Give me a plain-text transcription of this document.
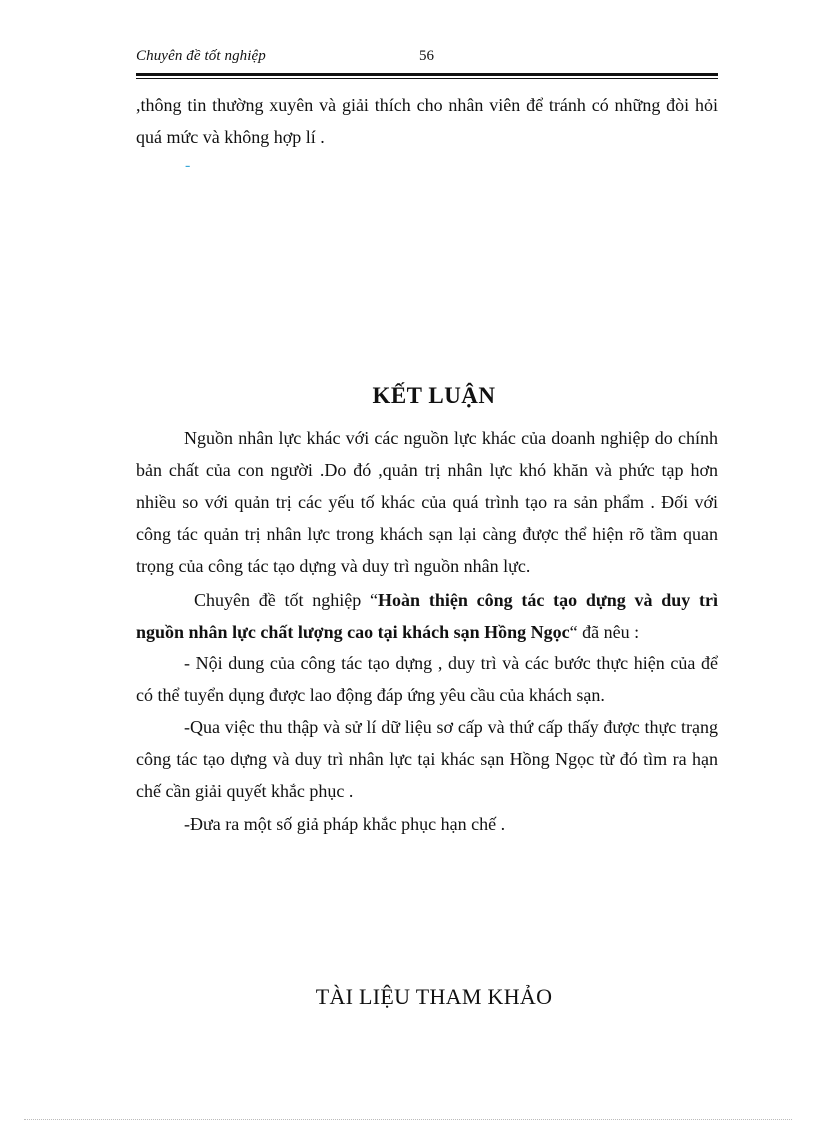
Chuyên đề tốt nghiệp	56

,thông tin thường xuyên và giải thích cho nhân viên để tránh có những đòi hỏi quá mức và không hợp lí .

-
KẾT LUẬN

Nguồn nhân lực khác với các nguồn lực khác của doanh nghiệp do chính bản chất của con người .Do đó ,quản trị nhân lực khó khăn và phức tạp hơn nhiều so với quản trị các yếu tố khác của quá trình tạo ra sản phẩm . Đối với công tác quản trị nhân lực trong khách sạn lại càng được thể hiện rõ tầm quan trọng của công tác tạo dựng và duy trì nguồn nhân lực.

Chuyên đề tốt nghiệp “Hoàn thiện công tác tạo dựng và duy trì nguồn nhân lực chất lượng cao tại khách sạn Hồng Ngọc“ đã nêu :

- Nội dung của công tác tạo dựng , duy trì và các bước thực hiện của để có thể tuyển dụng được lao động đáp ứng yêu cầu của khách sạn.

-Qua việc thu thập và sử lí dữ liệu sơ cấp và thứ cấp thấy được thực trạng công tác tạo dựng và duy trì nhân lực tại khác sạn Hồng Ngọc từ đó tìm ra hạn chế cần giải quyết khắc phục .

-Đưa ra một số giả pháp khắc phục hạn chế .

TÀI LIỆU THAM KHẢO
